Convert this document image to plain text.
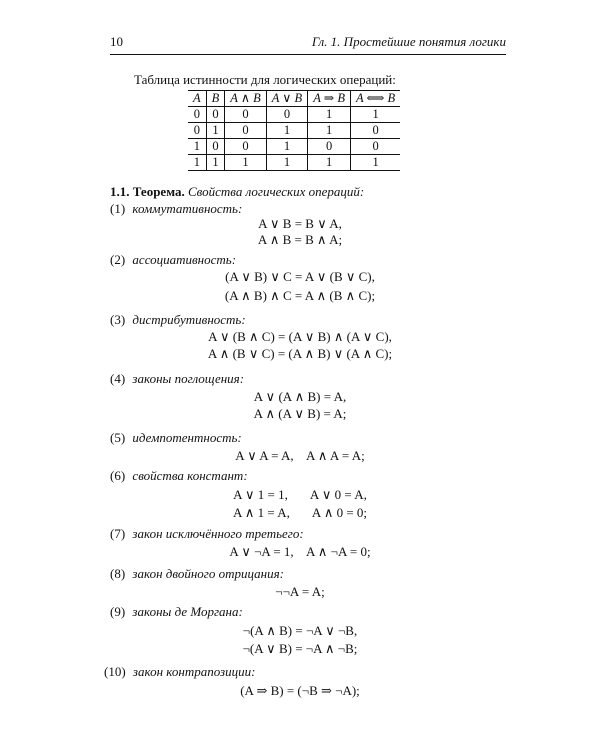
10	Гл. 1. Простейшие понятия логики
Таблица истинности для логических операций:
A	B	A ∧ B	A ∨ B	A ⇒ B	A ⟺ B
0	0	0	0	1	1
0	1	0	1	1	0
1	0	0	1	0	0
1	1	1	1	1	1
1.1. Теорема. Свойства логических операций:
(1) коммутативность:
A ∨ B = B ∨ A,
A ∧ B = B ∧ A;
(2) ассоциативность:
(A ∨ B) ∨ C = A ∨ (B ∨ C),
(A ∧ B) ∧ C = A ∧ (B ∧ C);
(3) дистрибутивность:
A ∨ (B ∧ C) = (A ∨ B) ∧ (A ∨ C),
A ∧ (B ∨ C) = (A ∧ B) ∨ (A ∧ C);
(4) законы поглощения:
A ∨ (A ∧ B) = A,
A ∧ (A ∨ B) = A;
(5) идемпотентность:
A ∨ A = A,    A ∧ A = A;
(6) свойства констант:
A ∨ 1 = 1,       A ∨ 0 = A,
A ∧ 1 = A,       A ∧ 0 = 0;
(7) закон исключённого третьего:
A ∨ ¬A = 1,    A ∧ ¬A = 0;
(8) закон двойного отрицания:
¬¬A = A;
(9) законы де Моргана:
¬(A ∧ B) = ¬A ∨ ¬B,
¬(A ∨ B) = ¬A ∧ ¬B;
(10) закон контрапозиции:
(A ⇒ B) = (¬B ⇒ ¬A);
